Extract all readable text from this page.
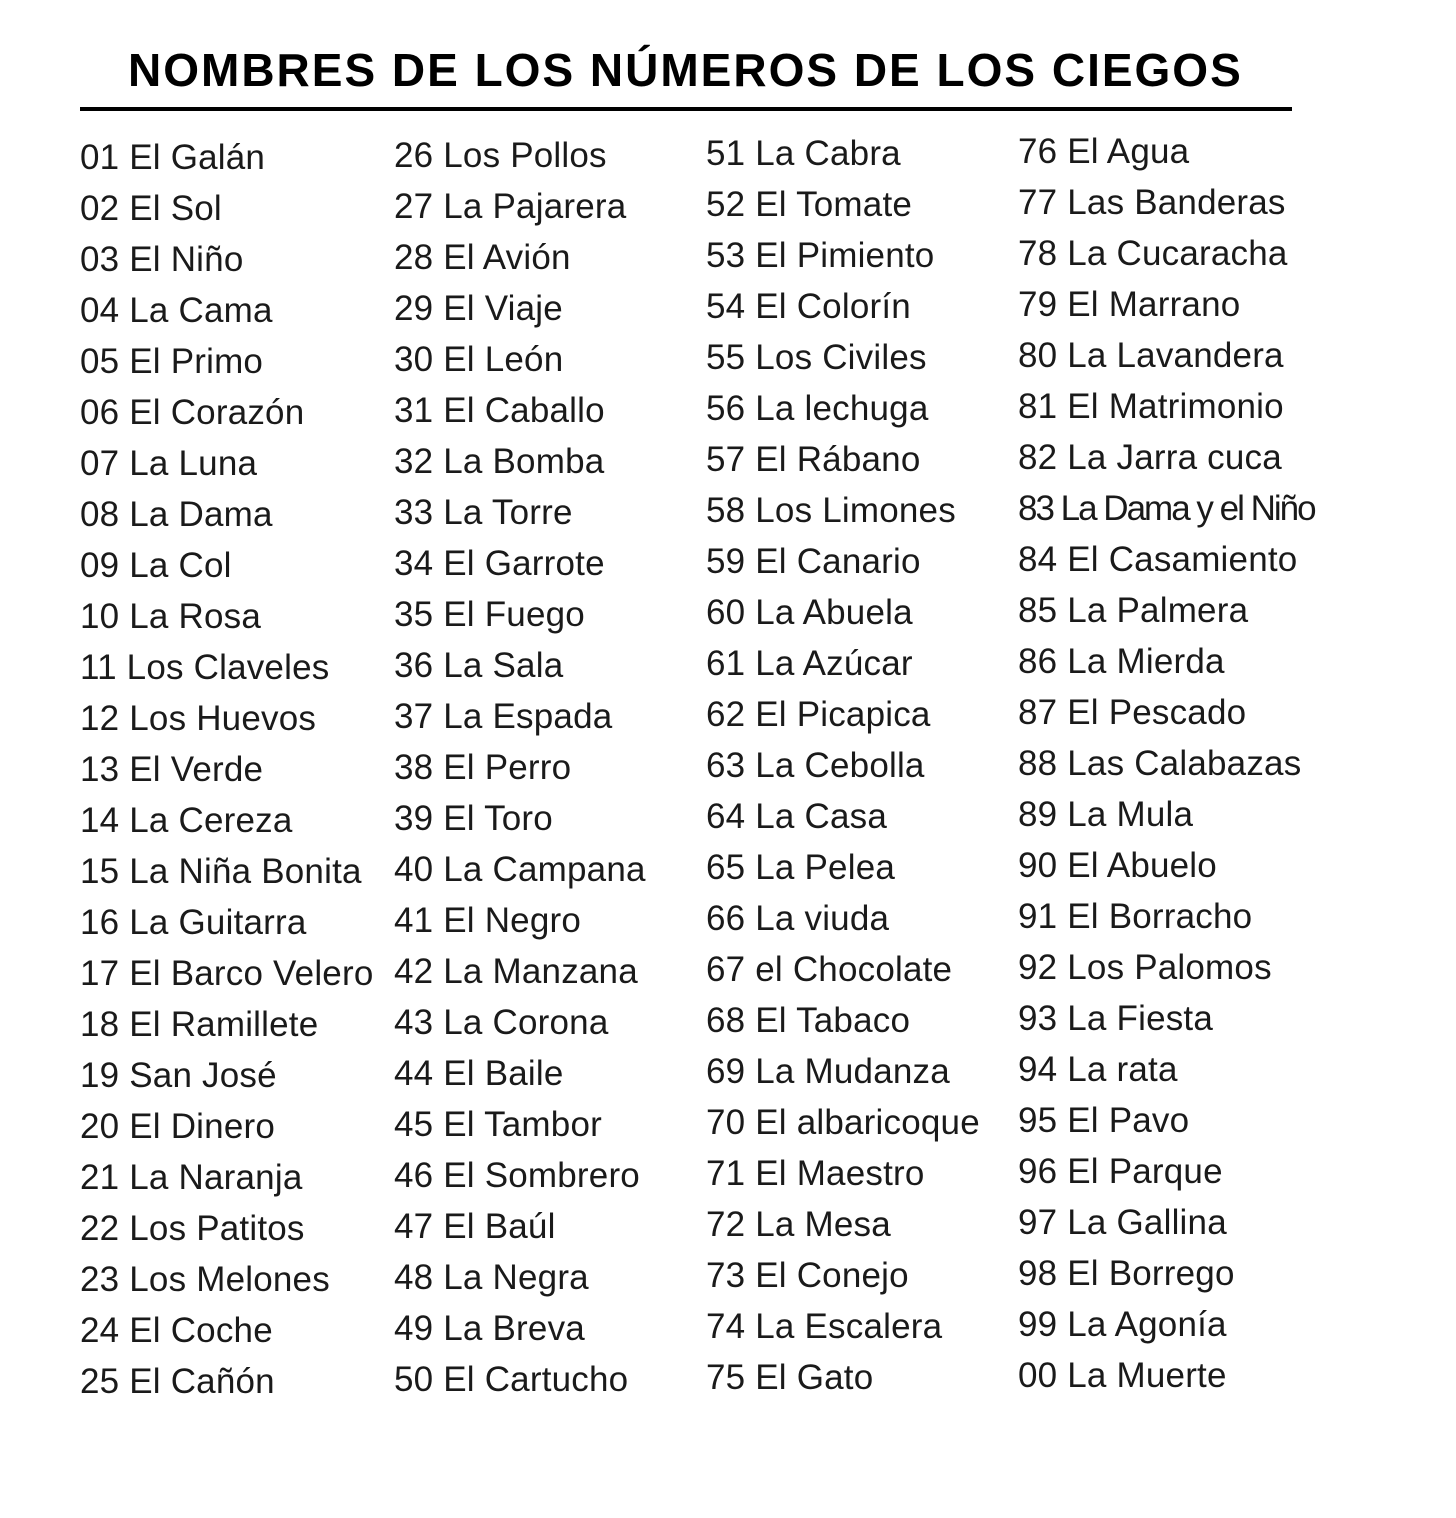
NOMBRES DE LOS NÚMEROS DE LOS CIEGOS
01 El Galán
02 El Sol
03 El Niño
04 La Cama
05 El Primo
06 El Corazón
07 La Luna
08 La Dama
09 La Col
10 La Rosa
11 Los Claveles
12 Los Huevos
13 El Verde
14 La Cereza
15 La Niña Bonita
16 La Guitarra
17 El Barco Velero
18 El Ramillete
19 San José
20 El Dinero
21 La Naranja
22 Los Patitos
23 Los Melones
24 El Coche
25 El Cañón
26 Los Pollos
27 La Pajarera
28 El Avión
29 El Viaje
30 El León
31 El Caballo
32 La Bomba
33 La Torre
34 El Garrote
35 El Fuego
36 La Sala
37 La Espada
38 El Perro
39 El Toro
40 La Campana
41 El Negro
42 La Manzana
43 La Corona
44 El Baile
45 El Tambor
46 El Sombrero
47 El Baúl
48 La Negra
49 La Breva
50 El Cartucho
51 La Cabra
52 El Tomate
53 El Pimiento
54 El Colorín
55 Los Civiles
56 La lechuga
57 El Rábano
58 Los Limones
59 El Canario
60 La Abuela
61 La Azúcar
62 El Picapica
63 La Cebolla
64 La Casa
65 La Pelea
66 La viuda
67 el Chocolate
68 El Tabaco
69 La Mudanza
70 El albaricoque
71 El Maestro
72 La Mesa
73 El Conejo
74 La Escalera
75 El Gato
76 El Agua
77 Las Banderas
78 La Cucaracha
79 El Marrano
80 La Lavandera
81 El Matrimonio
82 La Jarra cuca
83 La Dama y el Niño
84 El Casamiento
85 La Palmera
86 La Mierda
87 El Pescado
88 Las Calabazas
89 La Mula
90 El Abuelo
91 El Borracho
92 Los Palomos
93 La Fiesta
94 La rata
95 El Pavo
96 El Parque
97 La Gallina
98 El Borrego
99 La Agonía
00 La Muerte
